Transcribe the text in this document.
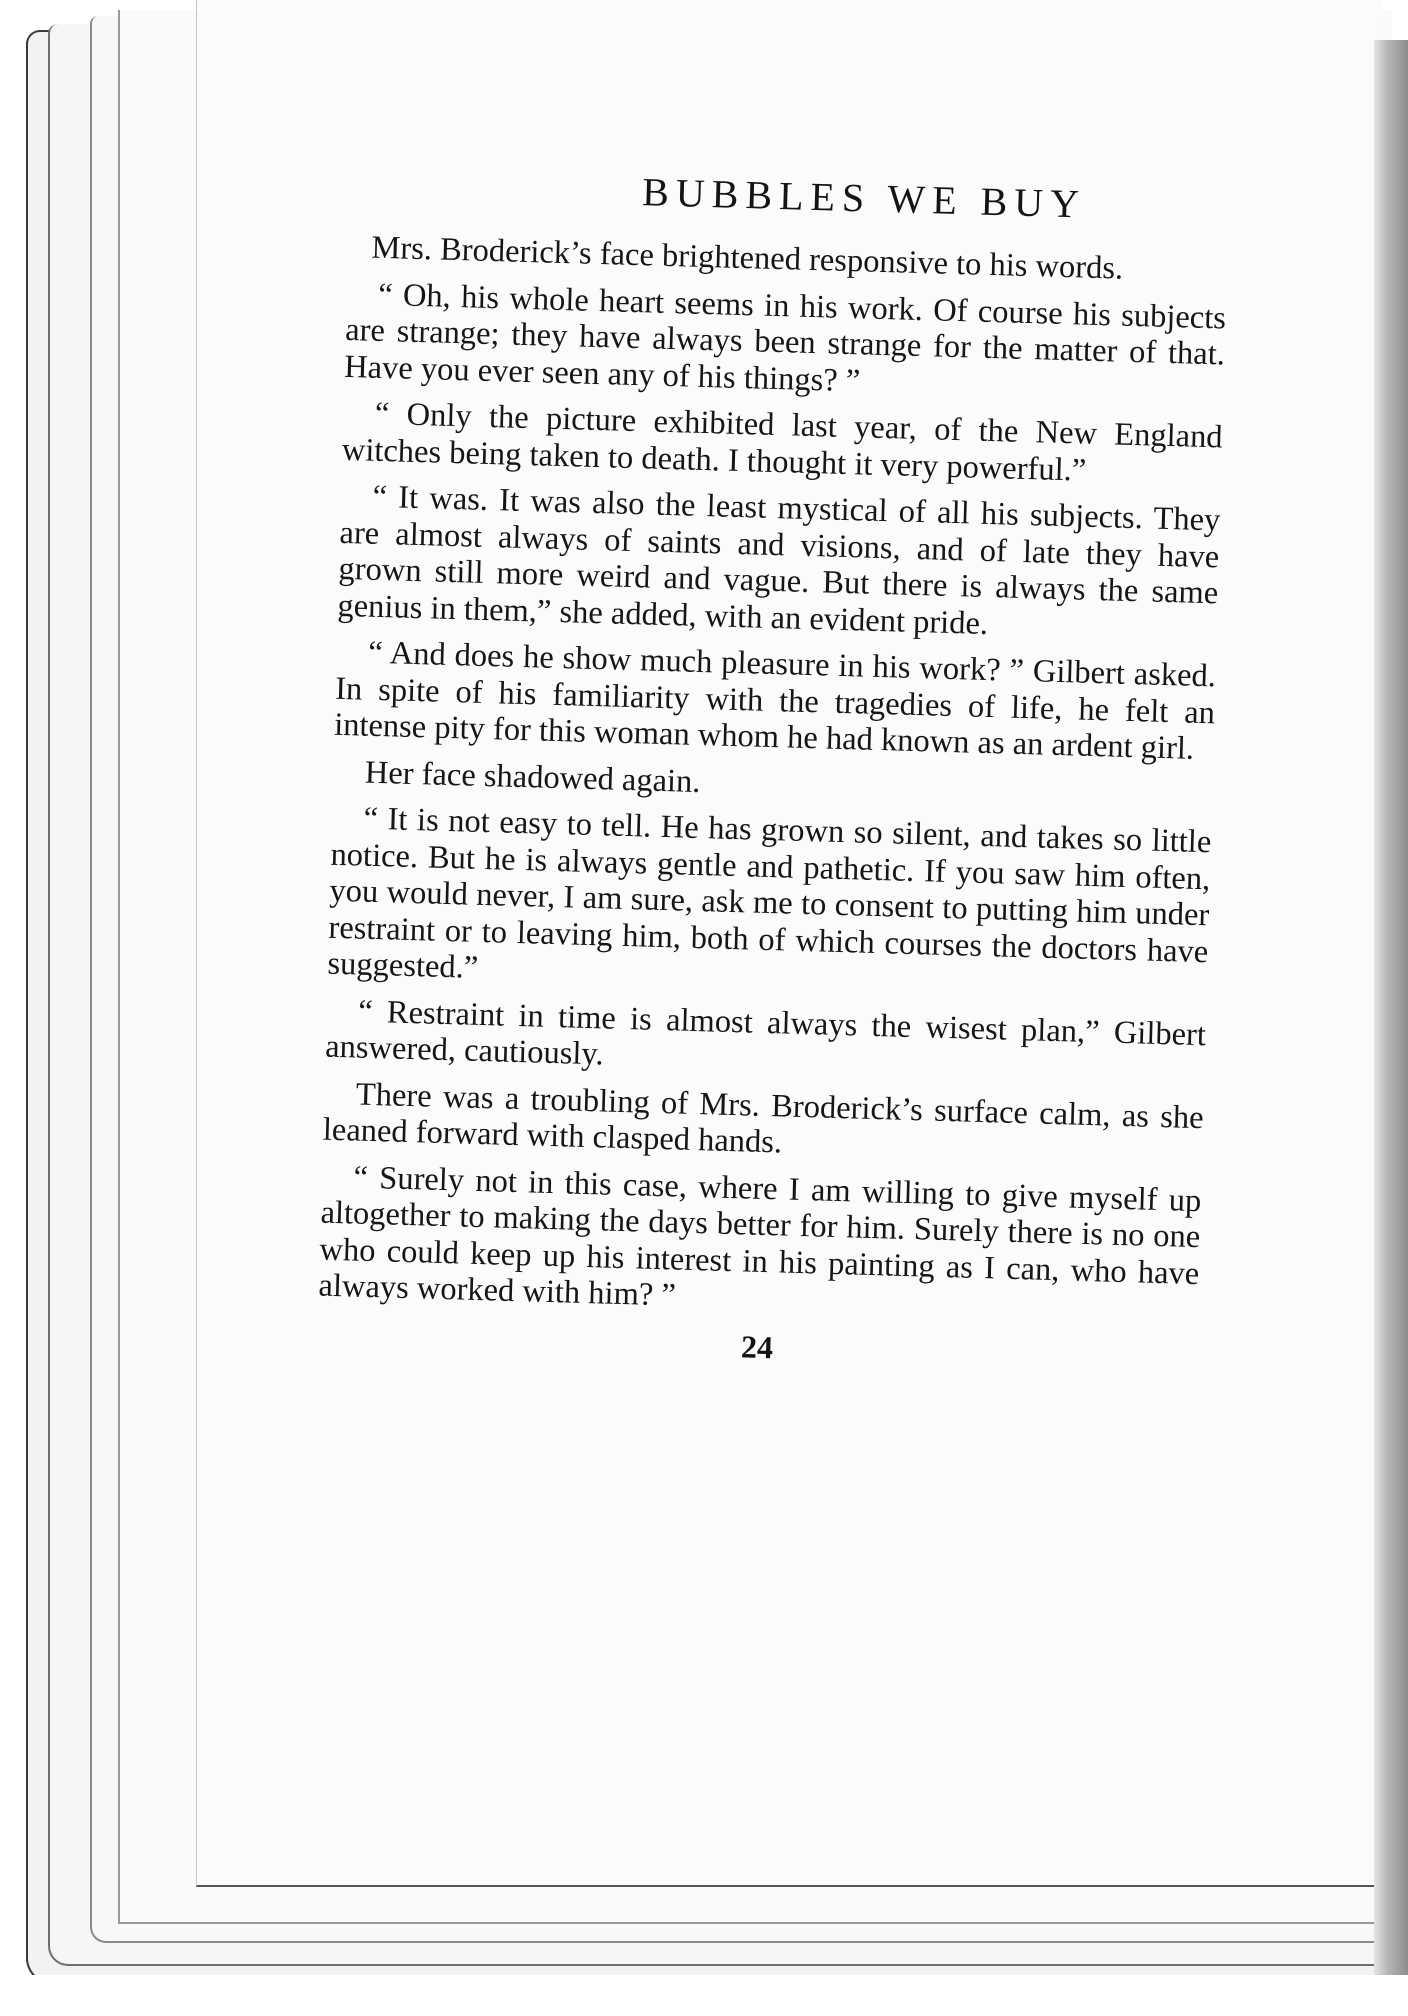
BUBBLES WE BUY

Mrs. Broderick’s face brightened responsive to his words.

“ Oh, his whole heart seems in his work. Of course his subjects are strange; they have always been strange for the matter of that. Have you ever seen any of his things? ”

“ Only the picture exhibited last year, of the New England witches being taken to death. I thought it very powerful.”

“ It was. It was also the least mystical of all his subjects. They are almost always of saints and visions, and of late they have grown still more weird and vague. But there is always the same genius in them,” she added, with an evident pride.

“ And does he show much pleasure in his work? ” Gilbert asked. In spite of his familiarity with the tragedies of life, he felt an intense pity for this woman whom he had known as an ardent girl.

Her face shadowed again.

“ It is not easy to tell. He has grown so silent, and takes so little notice. But he is always gentle and pathetic. If you saw him often, you would never, I am sure, ask me to consent to putting him under restraint or to leaving him, both of which courses the doctors have suggested.”

“ Restraint in time is almost always the wisest plan,” Gilbert answered, cautiously.

There was a troubling of Mrs. Broderick’s surface calm, as she leaned forward with clasped hands.

“ Surely not in this case, where I am willing to give myself up altogether to making the days better for him. Surely there is no one who could keep up his interest in his painting as I can, who have always worked with him? ”

24
